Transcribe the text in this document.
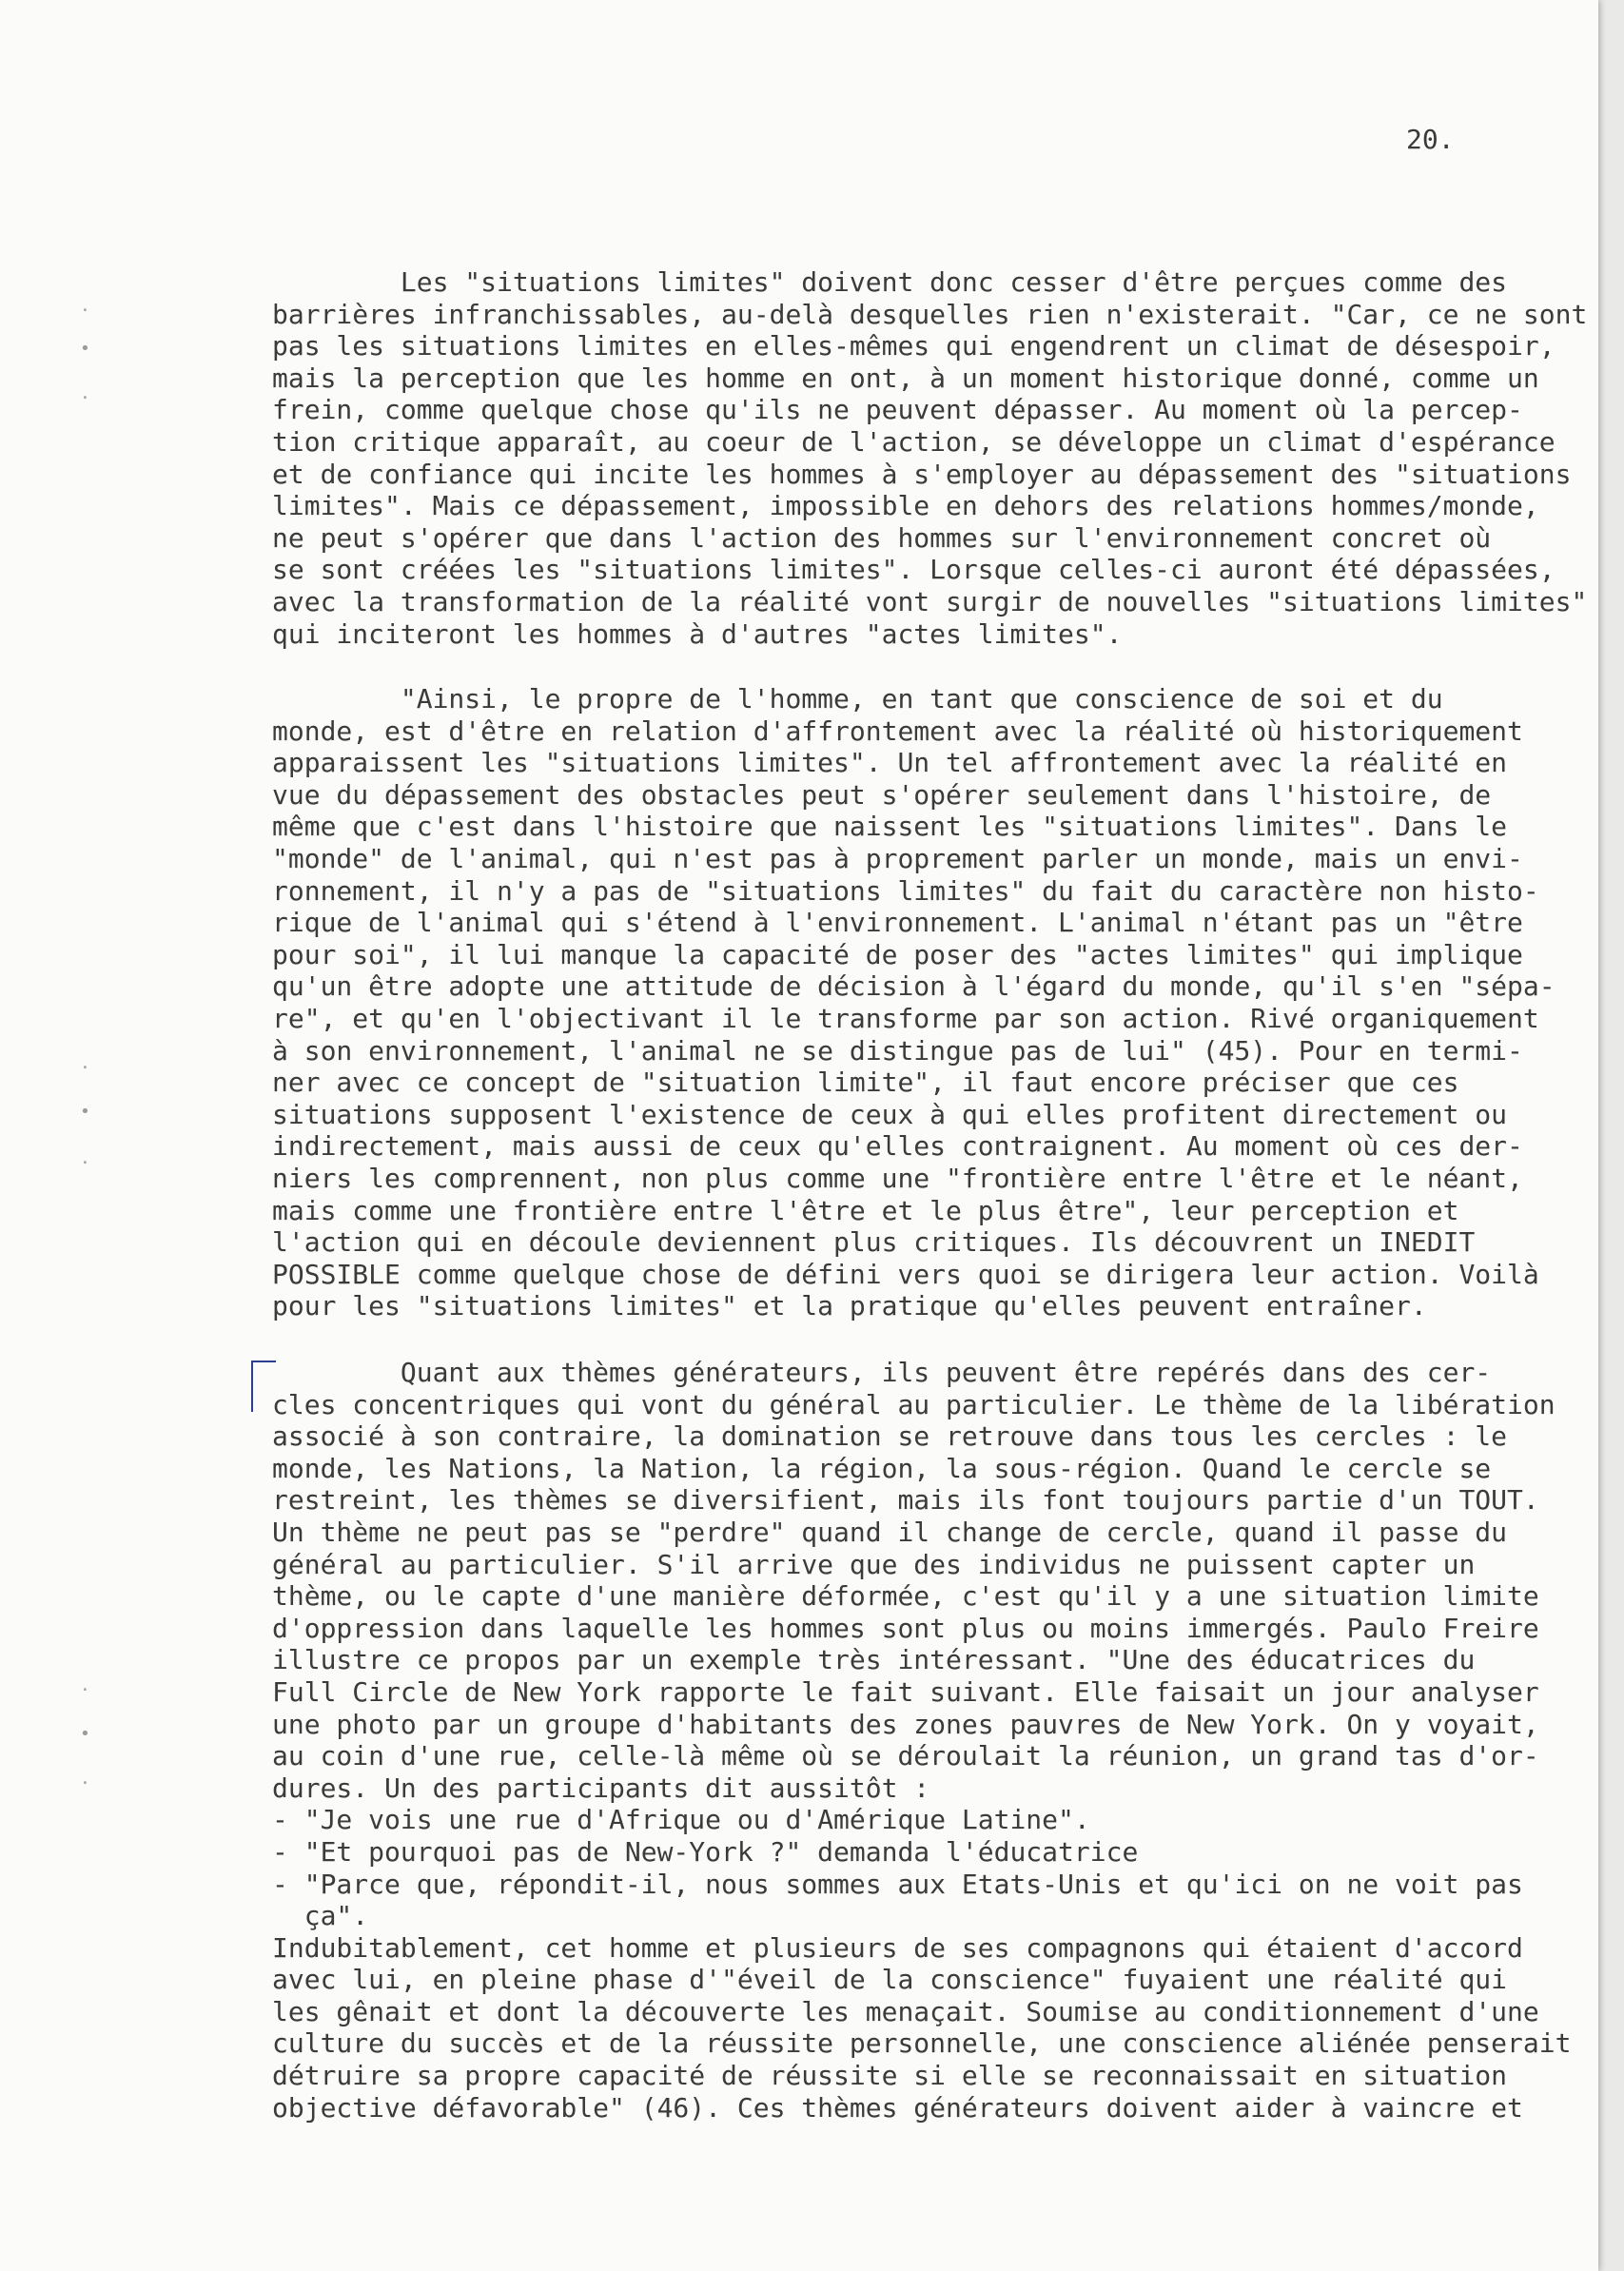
20.
·
•
·
·
•
·
·
•
·
Les "situations limites" doivent donc cesser d'être perçues comme des
barrières infranchissables, au-delà desquelles rien n'existerait. "Car, ce ne sont
pas les situations limites en elles-mêmes qui engendrent un climat de désespoir,
mais la perception que les homme en ont, à un moment historique donné, comme un
frein, comme quelque chose qu'ils ne peuvent dépasser. Au moment où la percep-
tion critique apparaît, au coeur de l'action, se développe un climat d'espérance
et de confiance qui incite les hommes à s'employer au dépassement des "situations
limites". Mais ce dépassement, impossible en dehors des relations hommes/monde,
ne peut s'opérer que dans l'action des hommes sur l'environnement concret où
se sont créées les "situations limites". Lorsque celles-ci auront été dépassées,
avec la transformation de la réalité vont surgir de nouvelles "situations limites"
qui inciteront les hommes à d'autres "actes limites".
"Ainsi, le propre de l'homme, en tant que conscience de soi et du
monde, est d'être en relation d'affrontement avec la réalité où historiquement
apparaissent les "situations limites". Un tel affrontement avec la réalité en
vue du dépassement des obstacles peut s'opérer seulement dans l'histoire, de
même que c'est dans l'histoire que naissent les "situations limites". Dans le
"monde" de l'animal, qui n'est pas à proprement parler un monde, mais un envi-
ronnement, il n'y a pas de "situations limites" du fait du caractère non histo-
rique de l'animal qui s'étend à l'environnement. L'animal n'étant pas un "être
pour soi", il lui manque la capacité de poser des "actes limites" qui implique
qu'un être adopte une attitude de décision à l'égard du monde, qu'il s'en "sépa-
re", et qu'en l'objectivant il le transforme par son action. Rivé organiquement
à son environnement, l'animal ne se distingue pas de lui" (45). Pour en termi-
ner avec ce concept de "situation limite", il faut encore préciser que ces
situations supposent l'existence de ceux à qui elles profitent directement ou
indirectement, mais aussi de ceux qu'elles contraignent. Au moment où ces der-
niers les comprennent, non plus comme une "frontière entre l'être et le néant,
mais comme une frontière entre l'être et le plus être", leur perception et
l'action qui en découle deviennent plus critiques. Ils découvrent un INEDIT
POSSIBLE comme quelque chose de défini vers quoi se dirigera leur action. Voilà
pour les "situations limites" et la pratique qu'elles peuvent entraîner.
Quant aux thèmes générateurs, ils peuvent être repérés dans des cer-
cles concentriques qui vont du général au particulier. Le thème de la libération
associé à son contraire, la domination se retrouve dans tous les cercles : le
monde, les Nations, la Nation, la région, la sous-région. Quand le cercle se
restreint, les thèmes se diversifient, mais ils font toujours partie d'un TOUT.
Un thème ne peut pas se "perdre" quand il change de cercle, quand il passe du
général au particulier. S'il arrive que des individus ne puissent capter un
thème, ou le capte d'une manière déformée, c'est qu'il y a une situation limite
d'oppression dans laquelle les hommes sont plus ou moins immergés. Paulo Freire
illustre ce propos par un exemple très intéressant. "Une des éducatrices du
Full Circle de New York rapporte le fait suivant. Elle faisait un jour analyser
une photo par un groupe d'habitants des zones pauvres de New York. On y voyait,
au coin d'une rue, celle-là même où se déroulait la réunion, un grand tas d'or-
dures. Un des participants dit aussitôt :
- "Je vois une rue d'Afrique ou d'Amérique Latine".
- "Et pourquoi pas de New-York ?" demanda l'éducatrice
- "Parce que, répondit-il, nous sommes aux Etats-Unis et qu'ici on ne voit pas
ça".
Indubitablement, cet homme et plusieurs de ses compagnons qui étaient d'accord
avec lui, en pleine phase d'"éveil de la conscience" fuyaient une réalité qui
les gênait et dont la découverte les menaçait. Soumise au conditionnement d'une
culture du succès et de la réussite personnelle, une conscience aliénée penserait
détruire sa propre capacité de réussite si elle se reconnaissait en situation
objective défavorable" (46). Ces thèmes générateurs doivent aider à vaincre et
